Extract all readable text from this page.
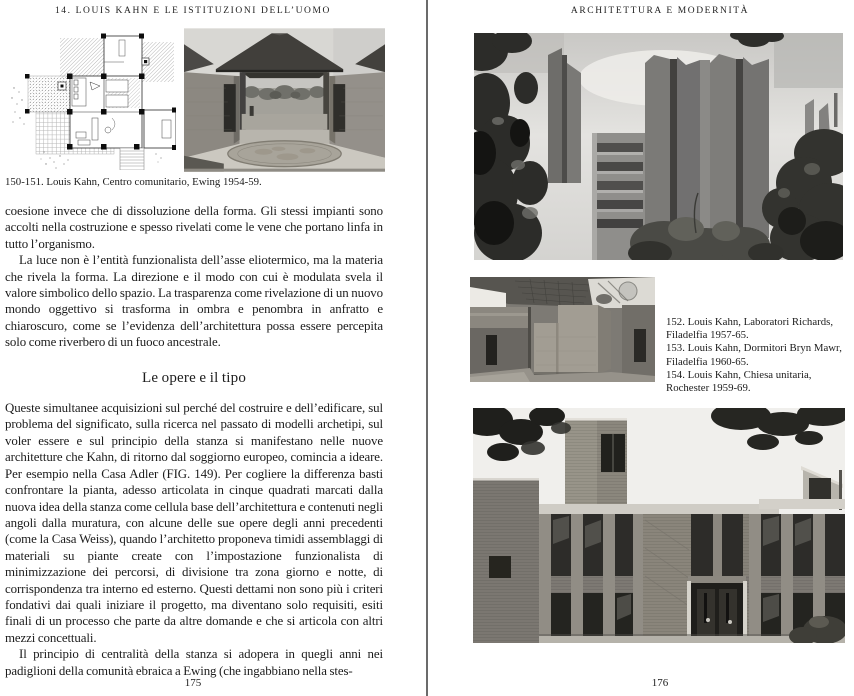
14. LOUIS KAHN E LE ISTITUZIONI DELL’UOMO
150-151. Louis Kahn, Centro comunitario, Ewing 1954-59.

coesione invece che di dissoluzione della forma. Gli stessi impianti sono accolti nella costruzione e spesso rivelati come le vene che portano linfa in tutto l’organismo.

La luce non è l’entità funzionalista dell’asse eliotermico, ma la materia che rivela la forma. La direzione e il modo con cui è modulata svela il valore simbolico dello spazio. La trasparenza come rivelazione di un nuovo mondo oggettivo si trasforma in ombra e penombra in anfratto e chiaroscuro, come se l’evidenza dell’architettura possa essere percepita solo come riverbero di un fuoco ancestrale.

Le opere e il tipo

Queste simultanee acquisizioni sul perché del costruire e dell’edificare, sul problema del significato, sulla ricerca nel passato di modelli archetipi, sul voler essere e sul principio della stanza si manifestano nelle nuove architetture che Kahn, di ritorno dal soggiorno europeo, comincia a ideare. Per esempio nella Casa Adler (FIG. 149). Per cogliere la differenza basti confrontare la pianta, adesso articolata in cinque quadrati marcati dalla nuova idea della stanza come cellula base dell’architettura e contenuti negli angoli dalla muratura, con alcune delle sue opere degli anni precedenti (come la Casa Weiss), quando l’architetto proponeva timidi assemblaggi di materiali su piante create con l’impostazione funzionalista di minimizzazione dei percorsi, di divisione tra zona giorno e notte, di corrispondenza tra interno ed esterno. Questi dettami non sono più i criteri fondativi dai quali iniziare il progetto, ma diventano solo requisiti, esiti finali di un processo che parte da altre domande e che si articola con altri mezzi concettuali.

Il principio di centralità della stanza si adopera in quegli anni nei padiglioni della comunità ebraica a Ewing (che ingabbiano nella stes-

175
ARCHITETTURA E MODERNITÀ
152. Louis Kahn, Laboratori Richards, Filadelfia 1957-65.
153. Louis Kahn, Dormitori Bryn Mawr, Filadelfia 1960-65.
154. Louis Kahn, Chiesa unitaria, Rochester 1959-69.
176
